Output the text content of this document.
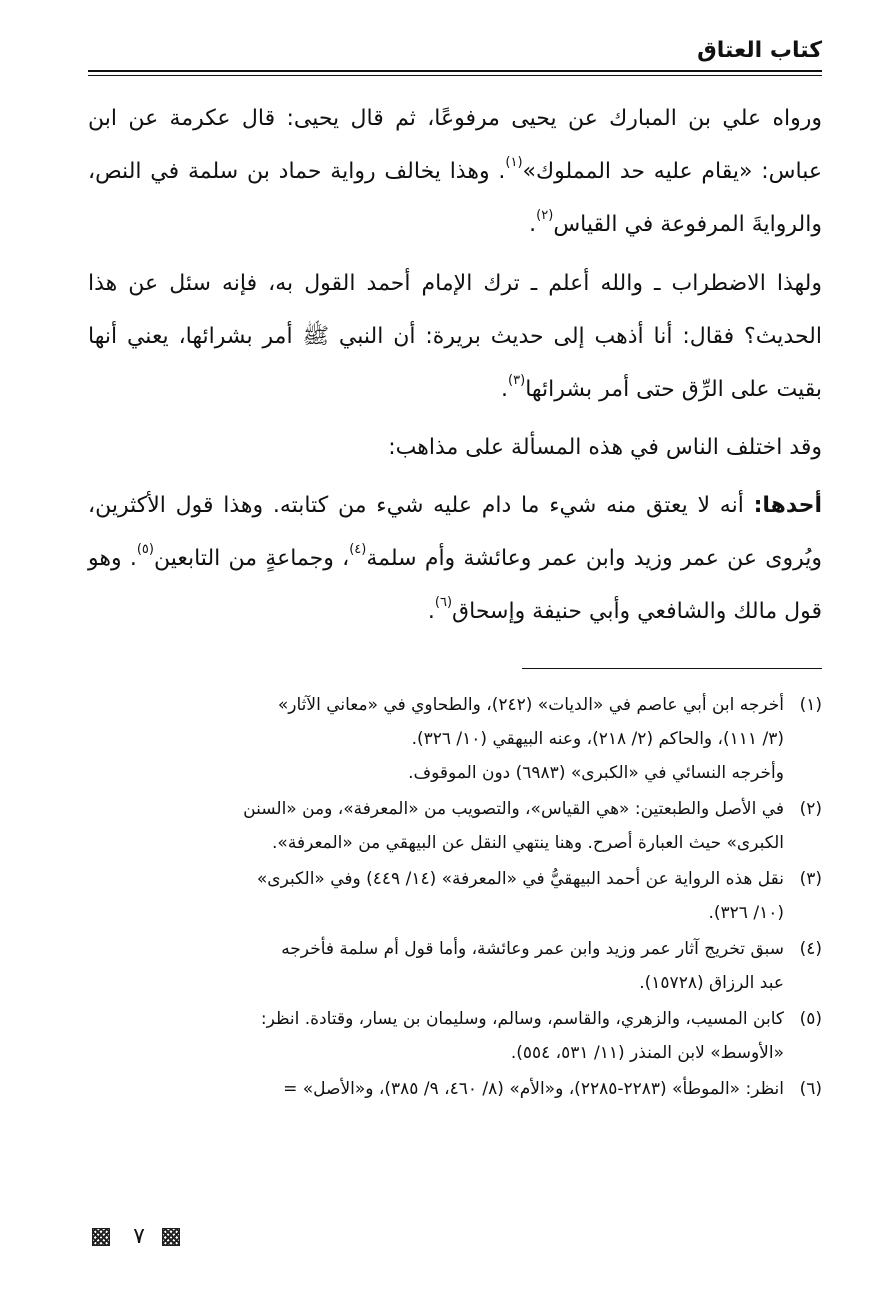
كتاب العتاق

ورواه علي بن المبارك عن يحيى مرفوعًا، ثم قال يحيى: قال عكرمة عن ابن عباس: «يقام عليه حد المملوك»$^{(١)}$. وهذا يخالف رواية حماد بن سلمة في النص، والروايةَ المرفوعة في القياس$^{(٢)}$.

ولهذا الاضطراب ـ والله أعلم ـ ترك الإمام أحمد القول به، فإنه سئل عن هذا الحديث؟ فقال: أنا أذهب إلى حديث بريرة: أن النبي ﷺ أمر بشرائها، يعني أنها بقيت على الرِّق حتى أمر بشرائها$^{(٣)}$.

وقد اختلف الناس في هذه المسألة على مذاهب:

أحدها: أنه لا يعتق منه شيء ما دام عليه شيء من كتابته. وهذا قول الأكثرين، ويُروى عن عمر وزيد وابن عمر وعائشة وأم سلمة$^{(٤)}$، وجماعةٍ من التابعين$^{(٥)}$. وهو قول مالك والشافعي وأبي حنيفة وإسحاق$^{(٦)}$.

(١)
أخرجه ابن أبي عاصم في «الديات» (٢٤٢)، والطحاوي في «معاني الآثار»
(٣/ ١١١)، والحاكم (٢/ ٢١٨)، وعنه البيهقي (١٠/ ٣٢٦).
وأخرجه النسائي في «الكبرى» (٦٩٨٣) دون الموقوف.
(٢)
في الأصل والطبعتين: «هي القياس»، والتصويب من «المعرفة»، ومن «السنن
الكبرى» حيث العبارة أصرح. وهنا ينتهي النقل عن البيهقي من «المعرفة».
(٣)
نقل هذه الرواية عن أحمد البيهقيُّ في «المعرفة» (١٤/ ٤٤٩) وفي «الكبرى»
(١٠/ ٣٢٦).
(٤)
سبق تخريج آثار عمر وزيد وابن عمر وعائشة، وأما قول أم سلمة فأخرجه
عبد الرزاق (١٥٧٢٨).
(٥)
كابن المسيب، والزهري، والقاسم، وسالم، وسليمان بن يسار، وقتادة. انظر:
«الأوسط» لابن المنذر (١١/ ٥٣١، ٥٥٤).
(٦)
انظر: «الموطأ» (٢٢٨٣-٢٢٨٥)، و«الأم» (٨/ ٤٦٠، ٩/ ٣٨٥)، و«الأصل» =
٧
